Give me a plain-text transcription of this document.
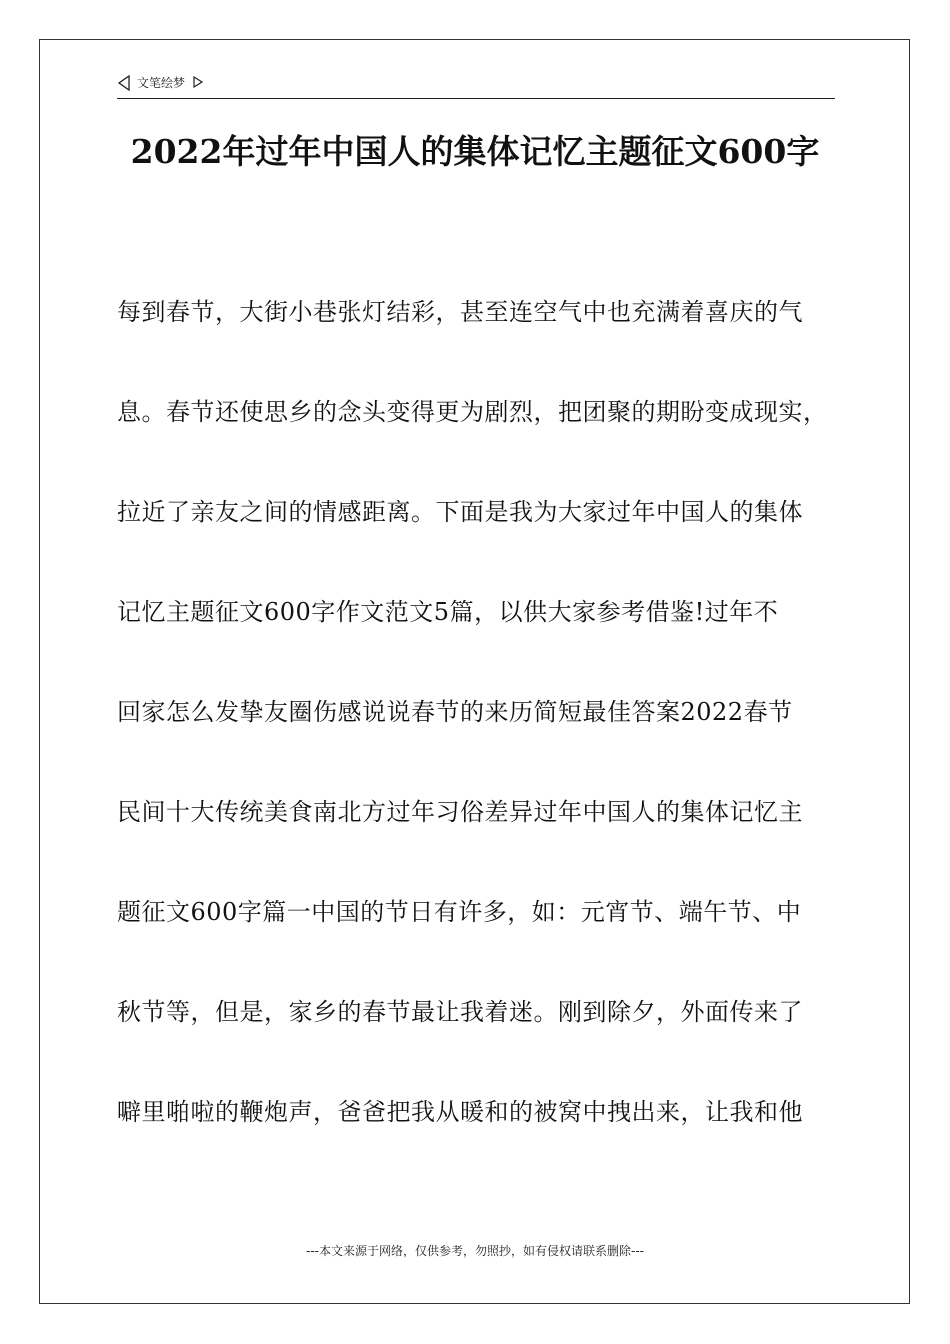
文笔绘梦
2022年过年中国人的集体记忆主题征文600字
每到春节，大街小巷张灯结彩，甚至连空气中也充满着喜庆的气
息。春节还使思乡的念头变得更为剧烈，把团聚的期盼变成现实，
拉近了亲友之间的情感距离。下面是我为大家过年中国人的集体
记忆主题征文600字作文范文5篇，以供大家参考借鉴!过年不
回家怎么发挚友圈伤感说说春节的来历简短最佳答案2022春节
民间十大传统美食南北方过年习俗差异过年中国人的集体记忆主
题征文600字篇一中国的节日有许多，如：元宵节、端午节、中
秋节等，但是，家乡的春节最让我着迷。刚到除夕，外面传来了
噼里啪啦的鞭炮声，爸爸把我从暖和的被窝中拽出来，让我和他
---本文来源于网络，仅供参考，勿照抄，如有侵权请联系删除---
